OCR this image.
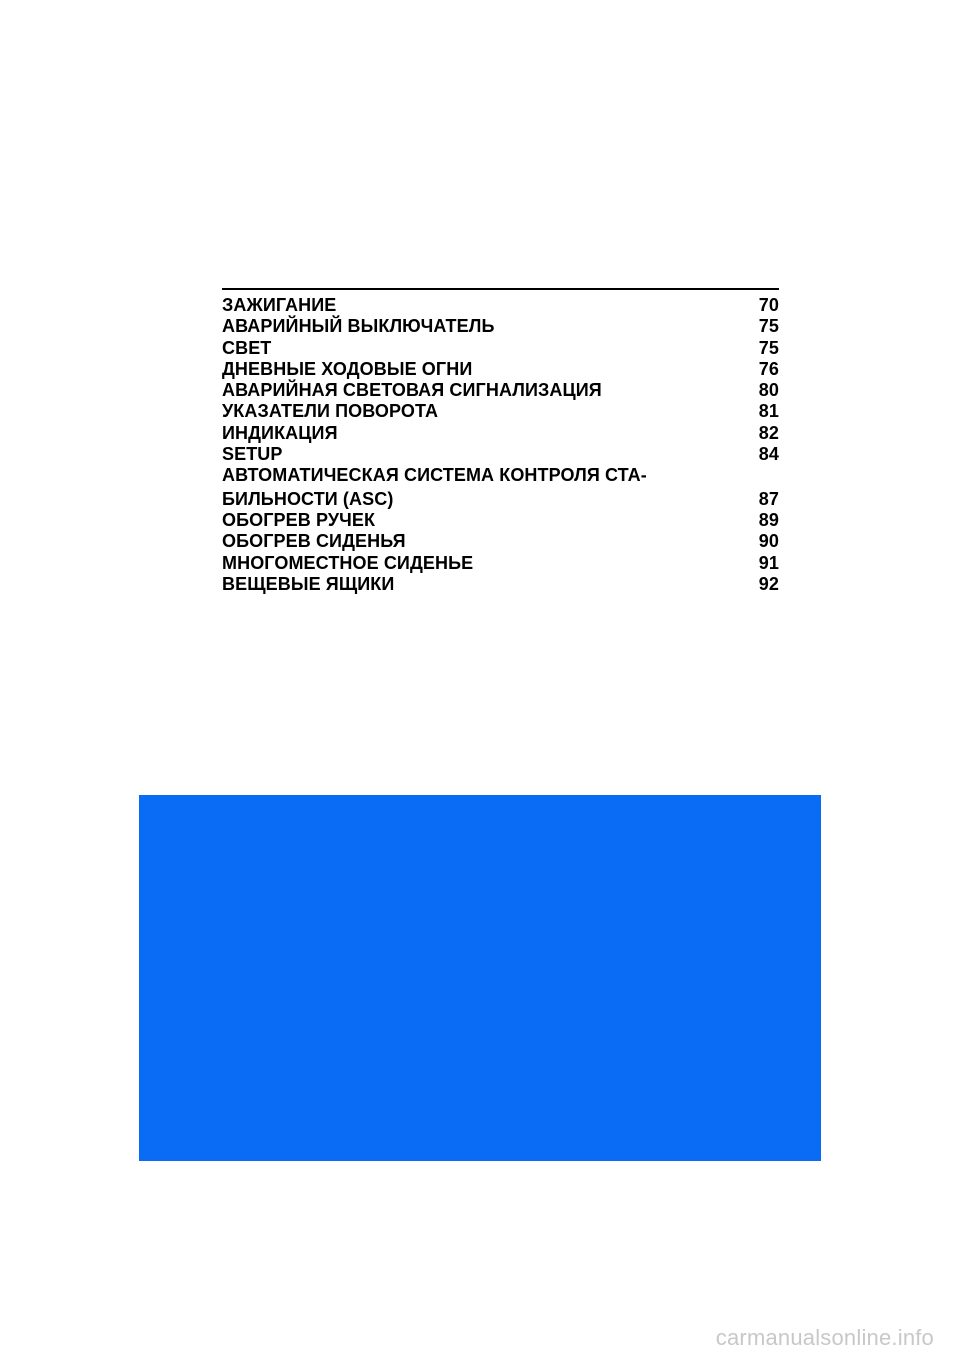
ЗАЖИГАНИЕ	70
АВАРИЙНЫЙ ВЫКЛЮЧАТЕЛЬ	75
СВЕТ	75
ДНЕВНЫЕ ХОДОВЫЕ ОГНИ	76
АВАРИЙНАЯ СВЕТОВАЯ СИГНАЛИЗАЦИЯ	80
УКАЗАТЕЛИ ПОВОРОТА	81
ИНДИКАЦИЯ	82
SETUP	84
АВТОМАТИЧЕСКАЯ СИСТЕМА КОНТРОЛЯ СТА-
БИЛЬНОСТИ (ASC)	87
ОБОГРЕВ РУЧЕК	89
ОБОГРЕВ СИДЕНЬЯ	90
МНОГОМЕСТНОЕ СИДЕНЬЕ	91
ВЕЩЕВЫЕ ЯЩИКИ	92
carmanualsonline.info
